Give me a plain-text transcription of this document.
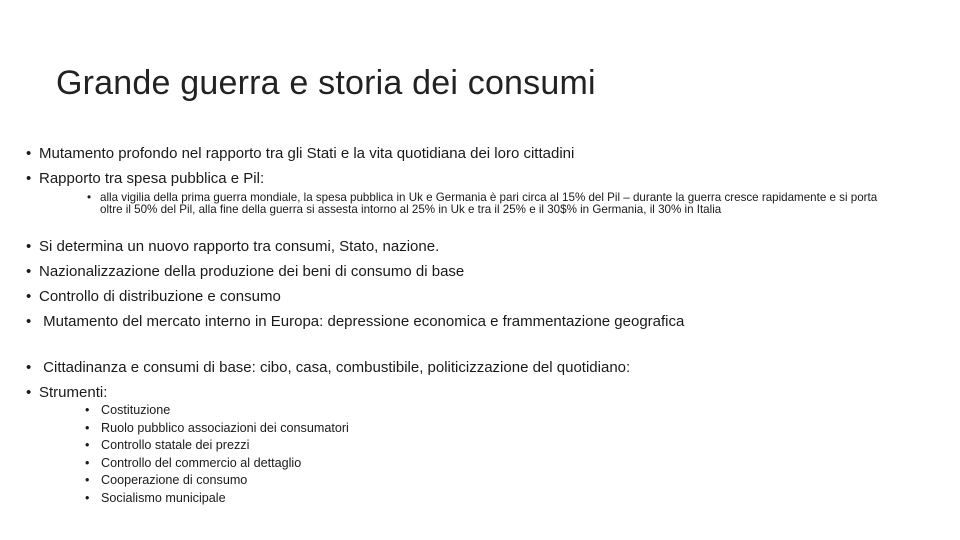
Grande guerra e storia dei consumi
• Mutamento profondo nel rapporto tra gli Stati e la vita quotidiana dei loro cittadini
• Rapporto tra spesa pubblica e Pil:
• alla vigilia della prima guerra mondiale, la spesa pubblica in Uk e Germania è pari circa al 15% del Pil – durante la guerra cresce rapidamente e si porta oltre il 50% del Pil, alla fine della guerra si assesta intorno al 25% in Uk e tra il 25% e il 30$% in Germania, il 30% in Italia
• Si determina un nuovo rapporto tra consumi, Stato, nazione.
• Nazionalizzazione della produzione dei beni di consumo di base
• Controllo di distribuzione e consumo
•  Mutamento del mercato interno in Europa: depressione economica e frammentazione geografica
•  Cittadinanza e consumi di base: cibo, casa, combustibile, politicizzazione del quotidiano:
• Strumenti:
• Costituzione
• Ruolo pubblico associazioni dei consumatori
• Controllo statale dei prezzi
• Controllo del commercio al dettaglio
• Cooperazione di consumo
• Socialismo municipale
